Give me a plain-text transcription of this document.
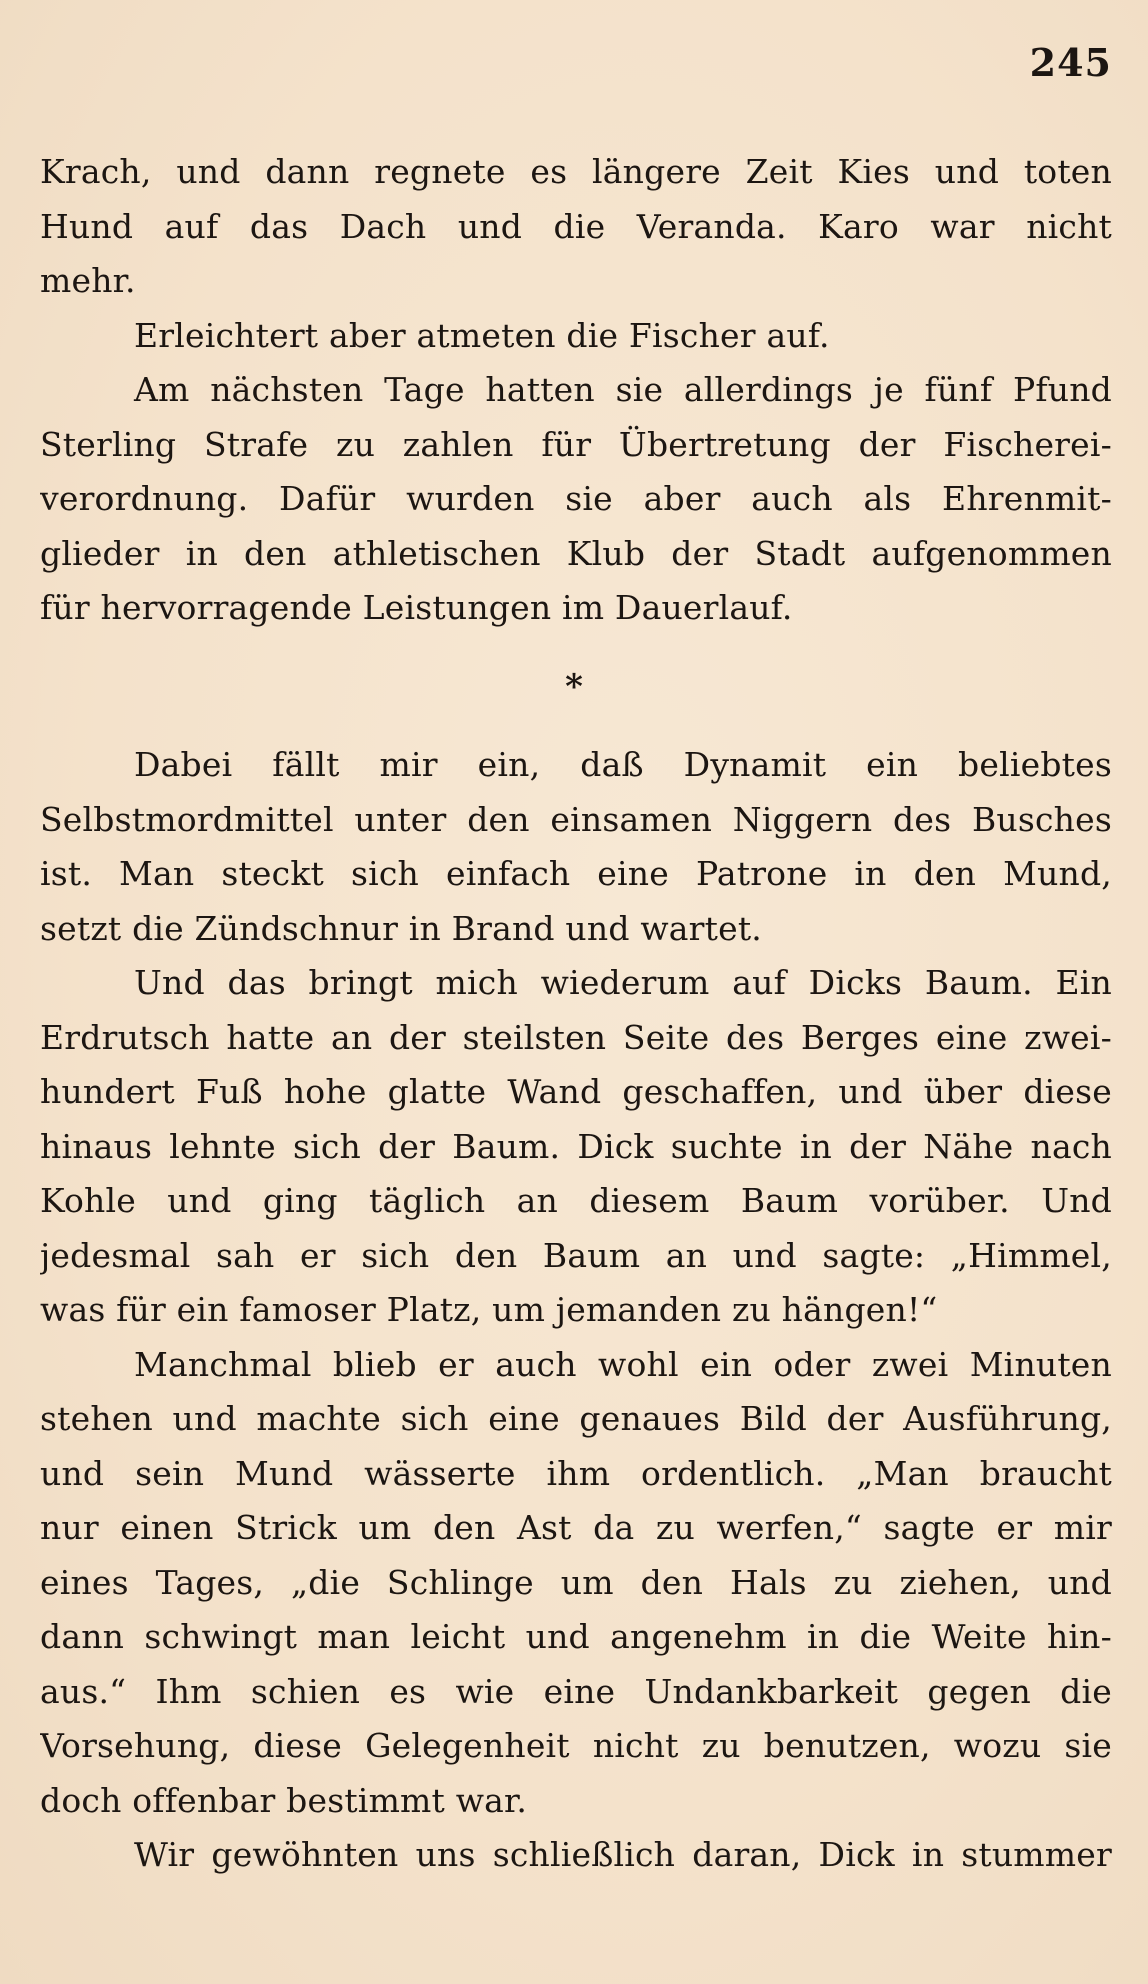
245
Krach, und dann regnete es längere Zeit Kies und toten
Hund auf das Dach und die Veranda. Karo war nicht
mehr.
Erleichtert aber atmeten die Fischer auf.
Am nächsten Tage hatten sie allerdings je fünf Pfund
Sterling Strafe zu zahlen für Übertretung der Fischerei-
verordnung. Dafür wurden sie aber auch als Ehrenmit-
glieder in den athletischen Klub der Stadt aufgenommen
für hervorragende Leistungen im Dauerlauf.
*
Dabei fällt mir ein, daß Dynamit ein beliebtes
Selbstmordmittel unter den einsamen Niggern des Busches
ist. Man steckt sich einfach eine Patrone in den Mund,
setzt die Zündschnur in Brand und wartet.
Und das bringt mich wiederum auf Dicks Baum. Ein
Erdrutsch hatte an der steilsten Seite des Berges eine zwei-
hundert Fuß hohe glatte Wand geschaffen, und über diese
hinaus lehnte sich der Baum. Dick suchte in der Nähe nach
Kohle und ging täglich an diesem Baum vorüber. Und
jedesmal sah er sich den Baum an und sagte: „Himmel,
was für ein famoser Platz, um jemanden zu hängen!“
Manchmal blieb er auch wohl ein oder zwei Minuten
stehen und machte sich eine genaues Bild der Ausführung,
und sein Mund wässerte ihm ordentlich. „Man braucht
nur einen Strick um den Ast da zu werfen,“ sagte er mir
eines Tages, „die Schlinge um den Hals zu ziehen, und
dann schwingt man leicht und angenehm in die Weite hin-
aus.“ Ihm schien es wie eine Undankbarkeit gegen die
Vorsehung, diese Gelegenheit nicht zu benutzen, wozu sie
doch offenbar bestimmt war.
Wir gewöhnten uns schließlich daran, Dick in stummer
